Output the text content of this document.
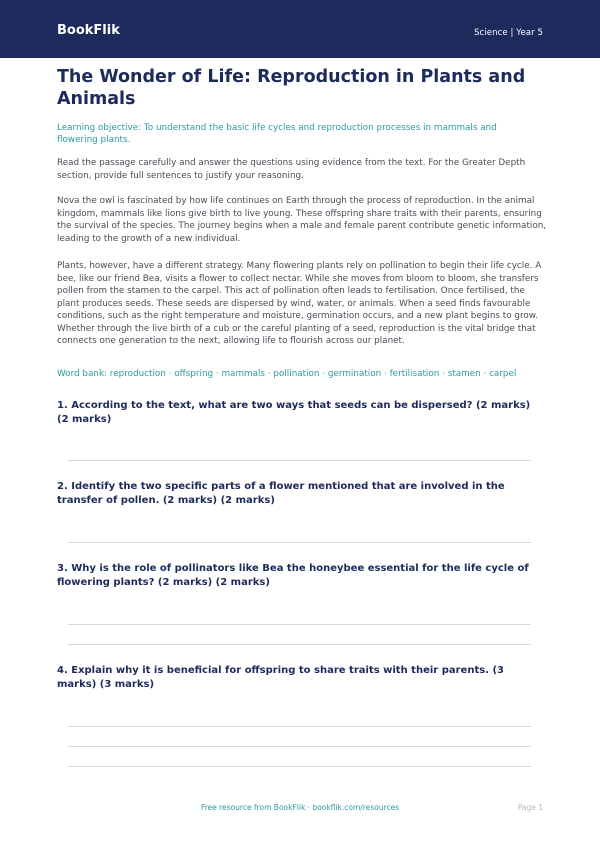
BookFlik	Science | Year 5
The Wonder of Life: Reproduction in Plants and Animals

Learning objective: To understand the basic life cycles and reproduction processes in mammals and flowering plants.

Read the passage carefully and answer the questions using evidence from the text. For the Greater Depth section, provide full sentences to justify your reasoning.

Nova the owl is fascinated by how life continues on Earth through the process of reproduction. In the animal kingdom, mammals like lions give birth to live young. These offspring share traits with their parents, ensuring the survival of the species. The journey begins when a male and female parent contribute genetic information, leading to the growth of a new individual.

Plants, however, have a different strategy. Many flowering plants rely on pollination to begin their life cycle. A bee, like our friend Bea, visits a flower to collect nectar. While she moves from bloom to bloom, she transfers pollen from the stamen to the carpel. This act of pollination often leads to fertilisation. Once fertilised, the plant produces seeds. These seeds are dispersed by wind, water, or animals. When a seed finds favourable conditions, such as the right temperature and moisture, germination occurs, and a new plant begins to grow. Whether through the live birth of a cub or the careful planting of a seed, reproduction is the vital bridge that connects one generation to the next, allowing life to flourish across our planet.

Word bank: reproduction · offspring · mammals · pollination · germination · fertilisation · stamen · carpel

1. According to the text, what are two ways that seeds can be dispersed? (2 marks) (2 marks)

2. Identify the two specific parts of a flower mentioned that are involved in the transfer of pollen. (2 marks) (2 marks)

3. Why is the role of pollinators like Bea the honeybee essential for the life cycle of flowering plants? (2 marks) (2 marks)

4. Explain why it is beneficial for offspring to share traits with their parents. (3 marks) (3 marks)

Free resource from BookFlik · bookflik.com/resources	Page 1
